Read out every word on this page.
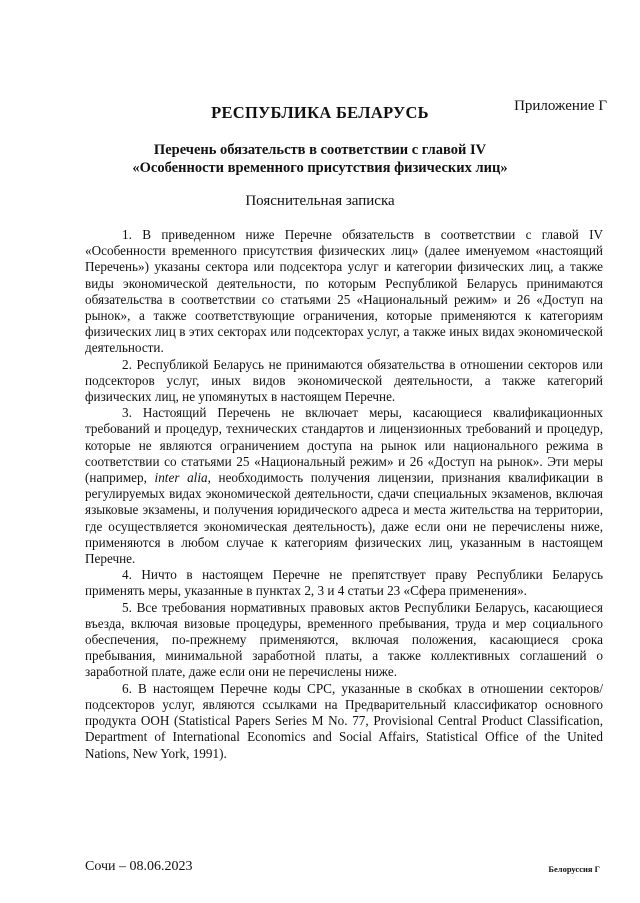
Приложение Г
РЕСПУБЛИКА БЕЛАРУСЬ
Перечень обязательств в соответствии с главой IV
«Особенности временного присутствия физических лиц»
Пояснительная записка

1. В приведенном ниже Перечне обязательств в соответствии с главой IV «Особенности временного присутствия физических лиц» (далее именуемом «настоящий Перечень») указаны сектора или подсектора услуг и категории физических лиц, а также виды экономической деятельности, по которым Республикой Беларусь принимаются обязательства в соответствии со статьями 25 «Национальный режим» и 26 «Доступ на рынок», а также соответствующие ограничения, которые применяются к категориям физических лиц в этих секторах или подсекторах услуг, а также иных видах экономической деятельности.

2. Республикой Беларусь не принимаются обязательства в отношении секторов или подсекторов услуг, иных видов экономической деятельности, а также категорий физических лиц, не упомянутых в настоящем Перечне.

3. Настоящий Перечень не включает меры, касающиеся квалификационных требований и процедур, технических стандартов и лицензионных требований и процедур, которые не являются ограничением доступа на рынок или национального режима в соответствии со статьями 25 «Национальный режим» и 26 «Доступ на рынок». Эти меры (например, inter alia, необходимость получения лицензии, признания квалификации в регулируемых видах экономической деятельности, сдачи специальных экзаменов, включая языковые экзамены, и получения юридического адреса и места жительства на территории, где осуществляется экономическая деятельность), даже если они не перечислены ниже, применяются в любом случае к категориям физических лиц, указанным в настоящем Перечне.

4. Ничто в настоящем Перечне не препятствует праву Республики Беларусь применять меры, указанные в пунктах 2, 3 и 4 статьи 23 «Сфера применения».

5. Все требования нормативных правовых актов Республики Беларусь, касающиеся въезда, включая визовые процедуры, временного пребывания, труда и мер социального обеспечения, по-прежнему применяются, включая положения, касающиеся срока пребывания, минимальной заработной платы, а также коллективных соглашений о заработной плате, даже если они не перечислены ниже.

6. В настоящем Перечне коды CPC, указанные в скобках в отношении секторов/подсекторов услуг, являются ссылками на Предварительный классификатор основного продукта ООН (Statistical Papers Series M No. 77, Provisional Central Product Classification, Department of International Economics and Social Affairs, Statistical Office of the United Nations, New York, 1991).

Сочи – 08.06.2023	Белоруссия Г
